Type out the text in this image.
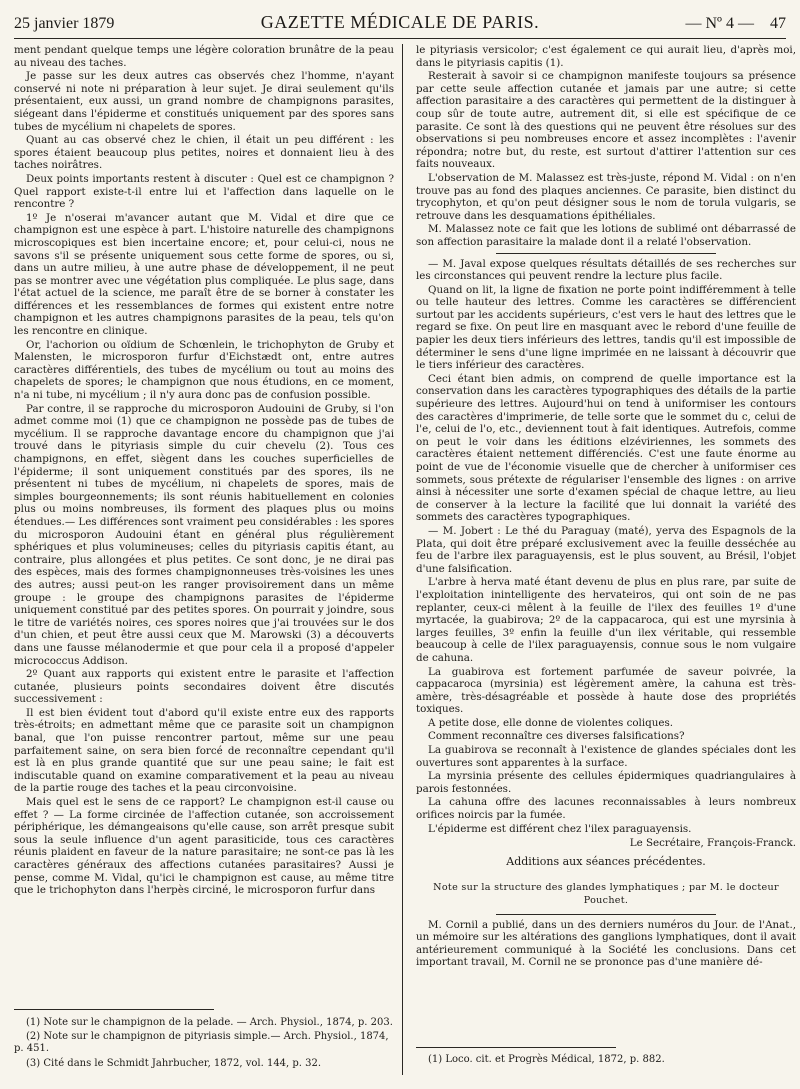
25 janvier 1879	GAZETTE MÉDICALE DE PARIS.	— Nº 4 — 47

ment pendant quelque temps une légère coloration brunâtre de la peau au niveau des taches.

Je passe sur les deux autres cas observés chez l'homme, n'ayant conservé ni note ni préparation à leur sujet. Je dirai seulement qu'ils présentaient, eux aussi, un grand nombre de champignons parasites, siégeant dans l'épiderme et constitués uniquement par des spores sans tubes de mycélium ni chapelets de spores.

Quant au cas observé chez le chien, il était un peu différent : les spores étaient beaucoup plus petites, noires et donnaient lieu à des taches noirâtres.

Deux points importants restent à discuter : Quel est ce champignon ? Quel rapport existe-t-il entre lui et l'affection dans laquelle on le rencontre ?

1º Je n'oserai m'avancer autant que M. Vidal et dire que ce champignon est une espèce à part. L'histoire naturelle des champignons microscopiques est bien incertaine encore; et, pour celui-ci, nous ne savons s'il se présente uniquement sous cette forme de spores, ou si, dans un autre milieu, à une autre phase de développement, il ne peut pas se montrer avec une végétation plus compliquée. Le plus sage, dans l'état actuel de la science, me paraît être de se borner à constater les différences et les ressemblances de formes qui existent entre notre champignon et les autres champignons parasites de la peau, tels qu'on les rencontre en clinique.

Or, l'achorion ou oïdium de Schœnlein, le trichophyton de Gruby et Malensten, le microsporon furfur d'Eichstædt ont, entre autres caractères différentiels, des tubes de mycélium ou tout au moins des chapelets de spores; le champignon que nous étudions, en ce moment, n'a ni tube, ni mycélium ; il n'y aura donc pas de confusion possible.

Par contre, il se rapproche du microsporon Audouini de Gruby, si l'on admet comme moi (1) que ce champignon ne possède pas de tubes de mycélium. Il se rapproche davantage encore du champignon que j'ai trouvé dans le pityriasis simple du cuir chevelu (2). Tous ces champignons, en effet, siègent dans les couches superficielles de l'épiderme; il sont uniquement constitués par des spores, ils ne présentent ni tubes de mycélium, ni chapelets de spores, mais de simples bourgeonnements; ils sont réunis habituellement en colonies plus ou moins nombreuses, ils forment des plaques plus ou moins étendues.— Les différences sont vraiment peu considérables : les spores du microsporon Audouini étant en général plus régulièrement sphériques et plus volumineuses; celles du pityriasis capitis étant, au contraire, plus allongées et plus petites. Ce sont donc, je ne dirai pas des espèces, mais des formes champignonneuses très-voisines les unes des autres; aussi peut-on les ranger provisoirement dans un même groupe : le groupe des champignons parasites de l'épiderme uniquement constitué par des petites spores. On pourrait y joindre, sous le titre de variétés noires, ces spores noires que j'ai trouvées sur le dos d'un chien, et peut être aussi ceux que M. Marowski (3) a découverts dans une fausse mélanodermie et que pour cela il a proposé d'appeler micrococcus Addison.

2º Quant aux rapports qui existent entre le parasite et l'affection cutanée, plusieurs points secondaires doivent être discutés successivement :

Il est bien évident tout d'abord qu'il existe entre eux des rapports très-étroits; en admettant même que ce parasite soit un champignon banal, que l'on puisse rencontrer partout, même sur une peau parfaitement saine, on sera bien forcé de reconnaître cependant qu'il est là en plus grande quantité que sur une peau saine; le fait est indiscutable quand on examine comparativement et la peau au niveau de la partie rouge des taches et la peau circonvoisine.

Mais quel est le sens de ce rapport? Le champignon est-il cause ou effet ? — La forme circinée de l'affection cutanée, son accroissement périphérique, les démangeaisons qu'elle cause, son arrêt presque subit sous la seule influence d'un agent parasiticide, tous ces caractères réunis plaident en faveur de la nature parasitaire; ne sont-ce pas là les caractères généraux des affections cutanées parasitaires? Aussi je pense, comme M. Vidal, qu'ici le champignon est cause, au même titre que le trichophyton dans l'herpès circiné, le microsporon furfur dans

le pityriasis versicolor; c'est également ce qui aurait lieu, d'après moi, dans le pityriasis capitis (1).

Resterait à savoir si ce champignon manifeste toujours sa présence par cette seule affection cutanée et jamais par une autre; si cette affection parasitaire a des caractères qui permettent de la distinguer à coup sûr de toute autre, autrement dit, si elle est spécifique de ce parasite. Ce sont là des questions qui ne peuvent être résolues sur des observations si peu nombreuses encore et assez incomplètes : l'avenir répondra; notre but, du reste, est surtout d'attirer l'attention sur ces faits nouveaux.

L'observation de M. Malassez est très-juste, répond M. Vidal : on n'en trouve pas au fond des plaques anciennes. Ce parasite, bien distinct du trycophyton, et qu'on peut désigner sous le nom de torula vulgaris, se retrouve dans les desquamations épithéliales.

M. Malassez note ce fait que les lotions de sublimé ont débarrassé de son affection parasitaire la malade dont il a relaté l'observation.

— M. Javal expose quelques résultats détaillés de ses recherches sur les circonstances qui peuvent rendre la lecture plus facile.

Quand on lit, la ligne de fixation ne porte point indifféremment à telle ou telle hauteur des lettres. Comme les caractères se différencient surtout par les accidents supérieurs, c'est vers le haut des lettres que le regard se fixe. On peut lire en masquant avec le rebord d'une feuille de papier les deux tiers inférieurs des lettres, tandis qu'il est impossible de déterminer le sens d'une ligne imprimée en ne laissant à découvrir que le tiers inférieur des caractères.

Ceci étant bien admis, on comprend de quelle importance est la conservation dans les caractères typographiques des détails de la partie supérieure des lettres. Aujourd'hui on tend à uniformiser les contours des caractères d'imprimerie, de telle sorte que le sommet du c, celui de l'e, celui de l'o, etc., deviennent tout à fait identiques. Autrefois, comme on peut le voir dans les éditions elzéviriennes, les sommets des caractères étaient nettement différenciés. C'est une faute énorme au point de vue de l'économie visuelle que de chercher à uniformiser ces sommets, sous prétexte de régulariser l'ensemble des lignes : on arrive ainsi à nécessiter une sorte d'examen spécial de chaque lettre, au lieu de conserver à la lecture la facilité que lui donnait la variété des sommets des caractères typographiques.

— M. Jobert : Le thé du Paraguay (maté), yerva des Espagnols de la Plata, qui doit être préparé exclusivement avec la feuille desséchée au feu de l'arbre ilex paraguayensis, est le plus souvent, au Brésil, l'objet d'une falsification.

L'arbre à herva maté étant devenu de plus en plus rare, par suite de l'exploitation inintelligente des hervateiros, qui ont soin de ne pas replanter, ceux-ci mêlent à la feuille de l'ilex des feuilles 1º d'une myrtacée, la guabirova; 2º de la cappacaroca, qui est une myrsinia à larges feuilles, 3º enfin la feuille d'un ilex véritable, qui ressemble beaucoup à celle de l'ilex paraguayensis, connue sous le nom vulgaire de cahuna.

La guabirova est fortement parfumée de saveur poivrée, la cappacaroca (myrsinia) est légèrement amère, la cahuna est très-amère, très-désagréable et possède à haute dose des propriétés toxiques.

A petite dose, elle donne de violentes coliques.

Comment reconnaître ces diverses falsifications?

La guabirova se reconnaît à l'existence de glandes spéciales dont les ouvertures sont apparentes à la surface.

La myrsinia présente des cellules épidermiques quadriangulaires à parois festonnées.

La cahuna offre des lacunes reconnaissables à leurs nombreux orifices noircis par la fumée.

L'épiderme est différent chez l'ilex paraguayensis.

Le Secrétaire, François-Franck.

Additions aux séances précédentes.

Note sur la structure des glandes lymphatiques ; par M. le docteur Pouchet.

M. Cornil a publié, dans un des derniers numéros du Jour. de l'Anat., un mémoire sur les altérations des ganglions lymphatiques, dont il avait antérieurement communiqué à la Société les conclusions. Dans cet important travail, M. Cornil ne se prononce pas d'une manière dé-

(1) Note sur le champignon de la pelade. — Arch. Physiol., 1874, p. 203.

(2) Note sur le champignon de pityriasis simple.— Arch. Physiol., 1874, p. 451.

(3) Cité dans le Schmidt Jahrbucher, 1872, vol. 144, p. 32.	(1) Loco. cit. et Progrès Médical, 1872, p. 882.
